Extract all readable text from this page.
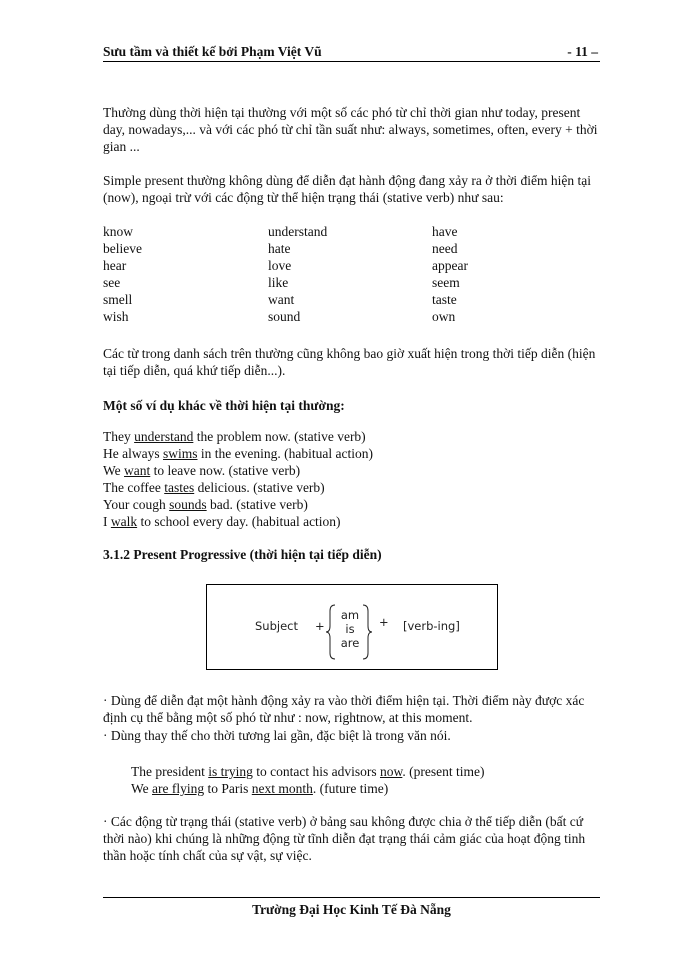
Sưu tầm và thiết kế bởi Phạm Việt Vũ	- 11 –

Thường dùng thời hiện tại thường với một số các phó từ chỉ thời gian như today, present day, nowadays,... và với các phó từ chỉ tần suất như: always, sometimes, often, every + thời gian ...

Simple present thường không dùng để diễn đạt hành động đang xảy ra ở thời điểm hiện tại (now), ngoại trừ với các động từ thể hiện trạng thái (stative verb) như sau:

know	understand	have
believe	hate	need
hear	love	appear
see	like	seem
smell	want	taste
wish	sound	own

Các từ trong danh sách trên thường cũng không bao giờ xuất hiện trong thời tiếp diễn (hiện tại tiếp diễn, quá khứ tiếp diễn...).

Một số ví dụ khác về thời hiện tại thường:

They understand the problem now. (stative verb)
He always swims in the evening. (habitual action)
We want to leave now. (stative verb)
The coffee tastes delicious. (stative verb)
Your cough sounds bad. (stative verb)
I walk to school every day. (habitual action)

3.1.2 Present Progressive (thời hiện tại tiếp diễn)

Subject +
am
is
are
+ [verb-ing]

· Dùng để diễn đạt một hành động xảy ra vào thời điểm hiện tại. Thời điểm này được xác định cụ thể bằng một số phó từ như : now, rightnow, at this moment.

· Dùng thay thế cho thời tương lai gần, đặc biệt là trong văn nói.

The president is trying to contact his advisors now. (present time)
We are flying to Paris next month. (future time)

· Các động từ trạng thái (stative verb) ở bảng sau không được chia ở thể tiếp diễn (bất cứ thời nào) khi chúng là những động từ tĩnh diễn đạt trạng thái cảm giác của hoạt động tinh thần hoặc tính chất của sự vật, sự việc.

Trường Đại Học Kinh Tế Đà Nẵng
